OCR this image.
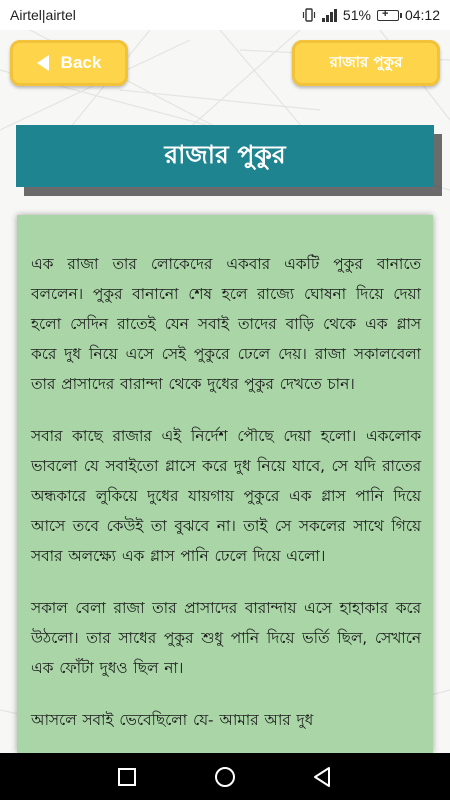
Airtel|airtel	51% + 04:12
Back	রাজার পুকুর
রাজার পুকুর

এক রাজা তার লোকেদের একবার একটি পুকুর বানাতে বললেন। পুকুর বানানো শেষ হলে রাজ্যে ঘোষনা দিয়ে দেয়া হলো সেদিন রাতেই যেন সবাই তাদের বাড়ি থেকে এক গ্লাস করে দুধ নিয়ে এসে সেই পুকুরে ঢেলে দেয়। রাজা সকালবেলা তার প্রাসাদের বারান্দা থেকে দুধের পুকুর দেখতে চান।

সবার কাছে রাজার এই নির্দেশ পৌছে দেয়া হলো। একলোক ভাবলো যে সবাইতো গ্লাসে করে দুধ নিয়ে যাবে, সে যদি রাতের অন্ধকারে লুকিয়ে দুধের যায়গায় পুকুরে এক গ্লাস পানি দিয়ে আসে তবে কেউই তা বুঝবে না। তাই সে সকলের সাথে গিয়ে সবার অলক্ষ্যে এক গ্লাস পানি ঢেলে দিয়ে এলো।

সকাল বেলা রাজা তার প্রাসাদের বারান্দায় এসে হাহাকার করে উঠলো। তার সাধের পুকুর শুধু পানি দিয়ে ভর্তি ছিল, সেখানে এক ফোঁটা দুধও ছিল না।

আসলে সবাই ভেবেছিলো যে- আমার আর দুধ
